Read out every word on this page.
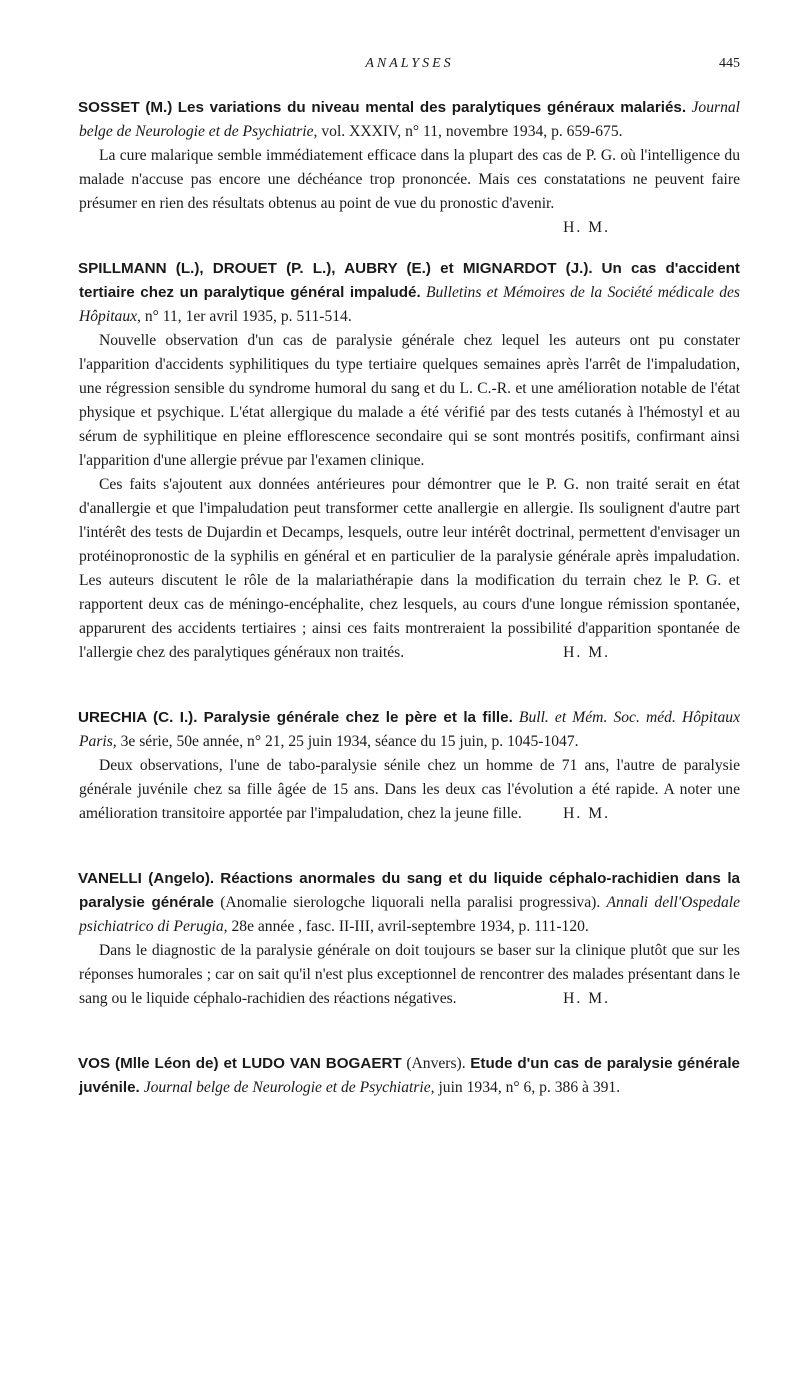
ANALYSES	445

SOSSET (M.) Les variations du niveau mental des paralytiques généraux malariés. Journal belge de Neurologie et de Psychiatrie, vol. XXXIV, n° 11, novembre 1934, p. 659-675.

La cure malarique semble immédiatement efficace dans la plupart des cas de P. G. où l'intelligence du malade n'accuse pas encore une déchéance trop prononcée. Mais ces constatations ne peuvent faire présumer en rien des résultats obtenus au point de vue du pronostic d'avenir.
H. M.

SPILLMANN (L.), DROUET (P. L.), AUBRY (E.) et MIGNARDOT (J.). Un cas d'accident tertiaire chez un paralytique général impaludé. Bulletins et Mémoires de la Société médicale des Hôpitaux, n° 11, 1er avril 1935, p. 511-514.

Nouvelle observation d'un cas de paralysie générale chez lequel les auteurs ont pu constater l'apparition d'accidents syphilitiques du type tertiaire quelques semaines après l'arrêt de l'impaludation, une régression sensible du syndrome humoral du sang et du L. C.-R. et une amélioration notable de l'état physique et psychique. L'état allergique du malade a été vérifié par des tests cutanés à l'hémostyl et au sérum de syphilitique en pleine efflorescence secondaire qui se sont montrés positifs, confirmant ainsi l'apparition d'une allergie prévue par l'examen clinique.

Ces faits s'ajoutent aux données antérieures pour démontrer que le P. G. non traité serait en état d'anallergie et que l'impaludation peut transformer cette anallergie en allergie. Ils soulignent d'autre part l'intérêt des tests de Dujardin et Decamps, lesquels, outre leur intérêt doctrinal, permettent d'envisager un protéinopronostic de la syphilis en général et en particulier de la paralysie générale après impaludation. Les auteurs discutent le rôle de la malariathérapie dans la modification du terrain chez le P. G. et rapportent deux cas de méningo-encéphalite, chez lesquels, au cours d'une longue rémission spontanée, apparurent des accidents tertiaires ; ainsi ces faits montreraient la possibilité d'apparition spontanée de l'allergie chez des paralytiques généraux non traités.	H. M.

URECHIA (C. I.). Paralysie générale chez le père et la fille. Bull. et Mém. Soc. méd. Hôpitaux Paris, 3e série, 50e année, n° 21, 25 juin 1934, séance du 15 juin, p. 1045-1047.

Deux observations, l'une de tabo-paralysie sénile chez un homme de 71 ans, l'autre de paralysie générale juvénile chez sa fille âgée de 15 ans. Dans les deux cas l'évolution a été rapide. A noter une amélioration transitoire apportée par l'impaludation, chez la jeune fille.	H. M.

VANELLI (Angelo). Réactions anormales du sang et du liquide céphalo-rachidien dans la paralysie générale (Anomalie sierologche liquorali nella paralisi progressiva). Annali dell'Ospedale psichiatrico di Perugia, 28e année , fasc. II-III, avril-septembre 1934, p. 111-120.

Dans le diagnostic de la paralysie générale on doit toujours se baser sur la clinique plutôt que sur les réponses humorales ; car on sait qu'il n'est plus exceptionnel de rencontrer des malades présentant dans le sang ou le liquide céphalo-rachidien des réactions négatives.	H. M.

VOS (Mlle Léon de) et LUDO VAN BOGAERT (Anvers). Etude d'un cas de paralysie générale juvénile. Journal belge de Neurologie et de Psychiatrie, juin 1934, n° 6, p. 386 à 391.
